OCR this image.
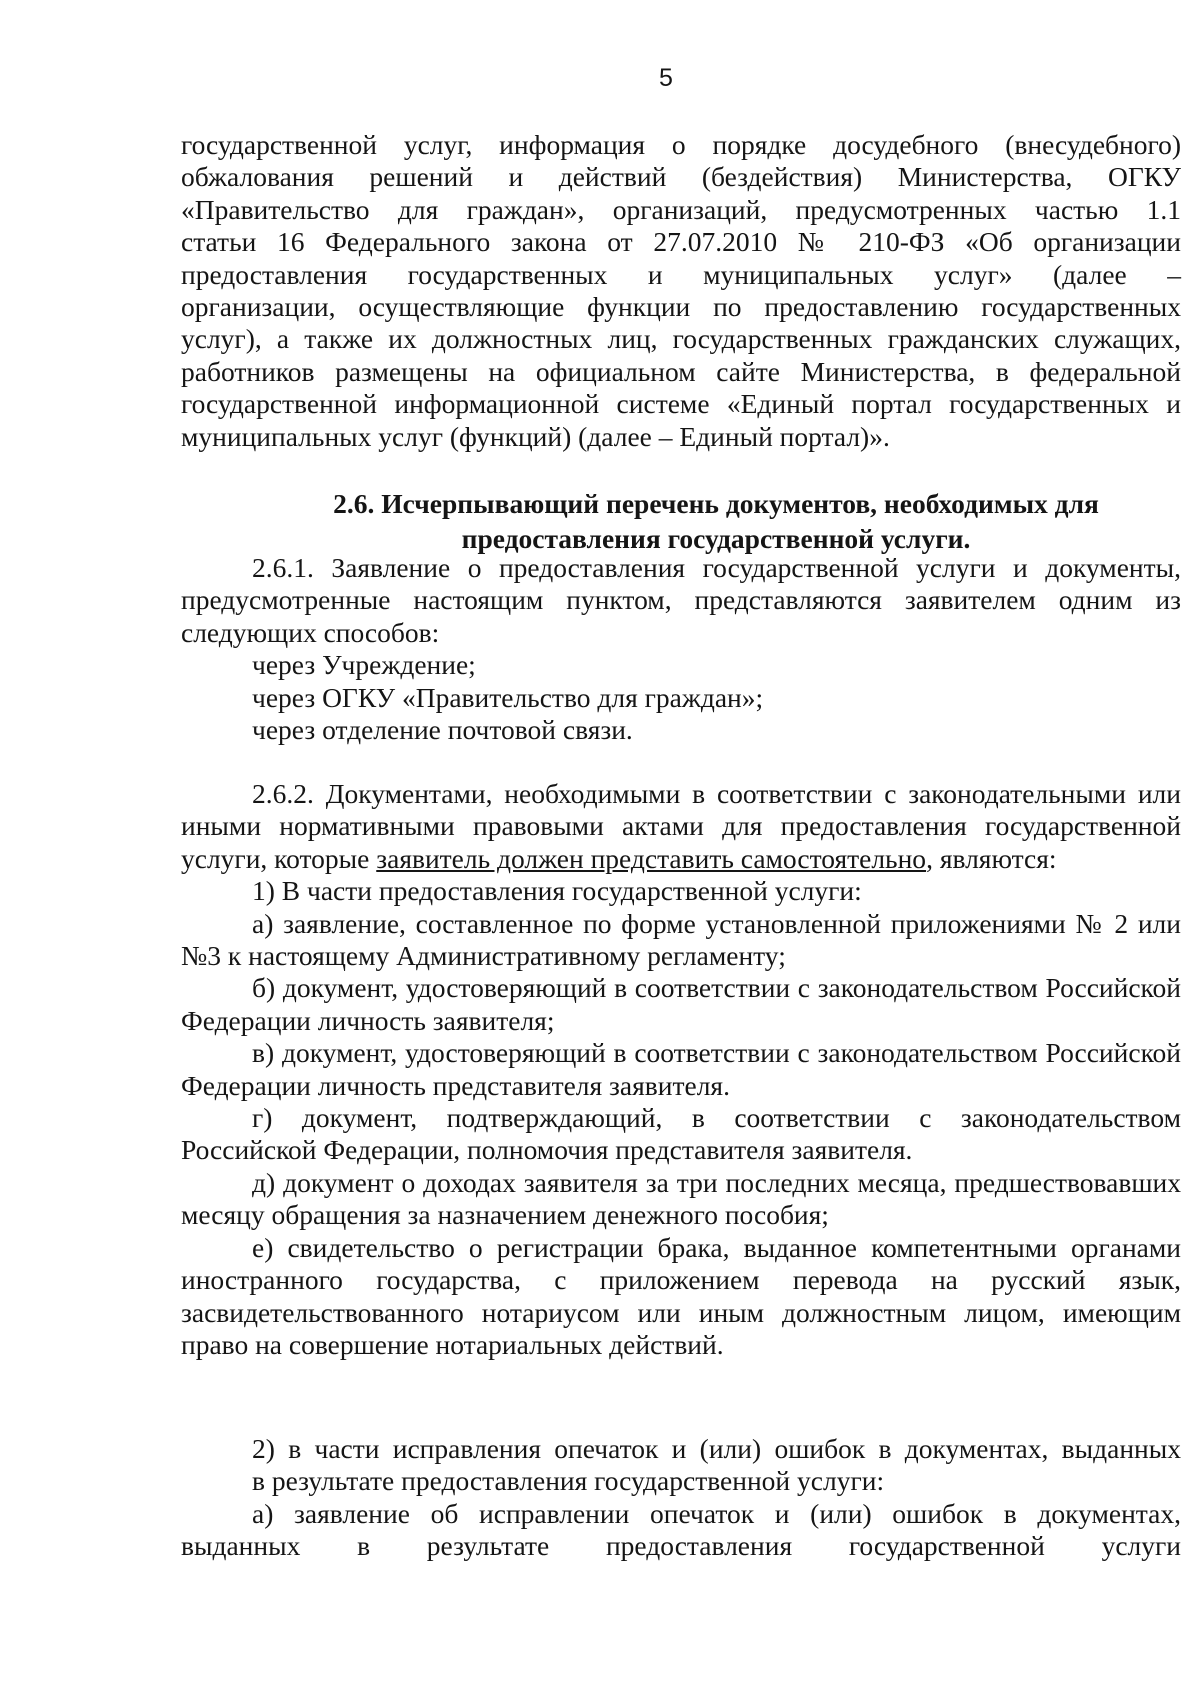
5

государственной услуг, информация о порядке досудебного (внесудебного)

обжалования решений и действий (бездействия) Министерства, ОГКУ

«Правительство для граждан», организаций, предусмотренных частью 1.1

статьи 16 Федерального закона от 27.07.2010 № 210-ФЗ «Об организации

предоставления государственных и муниципальных услуг» (далее –

организации, осуществляющие функции по предоставлению государственных

услуг), а также их должностных лиц, государственных гражданских служащих,

работников размещены на официальном сайте Министерства, в федеральной

государственной информационной системе «Единый портал государственных и

муниципальных услуг (функций) (далее – Единый портал)».

2.6. Исчерпывающий перечень документов, необходимых для

предоставления государственной услуги.

2.6.1. Заявление о предоставления государственной услуги и документы, предусмотренные настоящим пунктом, представляются заявителем одним из следующих способов:

через Учреждение;

через ОГКУ «Правительство для граждан»;

через отделение почтовой связи.

2.6.2. Документами, необходимыми в соответствии с законодательными или иными нормативными правовыми актами для предоставления государственной услуги, которые заявитель должен представить самостоятельно, являются:

1) В части предоставления государственной услуги:

а) заявление, составленное по форме установленной приложениями № 2 или №3 к настоящему Административному регламенту;

б) документ, удостоверяющий в соответствии с законодательством Российской Федерации личность заявителя;

в) документ, удостоверяющий в соответствии с законодательством Российской Федерации личность представителя заявителя.

г) документ, подтверждающий, в соответствии с законодательством Российской Федерации, полномочия представителя заявителя.

д) документ о доходах заявителя за три последних месяца, предшествовавших месяцу обращения за назначением денежного пособия;

е) свидетельство о регистрации брака, выданное компетентными органами иностранного государства, с приложением перевода на русский язык, засвидетельствованного нотариусом или иным должностным лицом, имеющим право на совершение нотариальных действий.

2) в части исправления опечаток и (или) ошибок в документах, выданных

в результате предоставления государственной услуги:

а) заявление об исправлении опечаток и (или) ошибок в документах, выданных в результате предоставления государственной услуги
